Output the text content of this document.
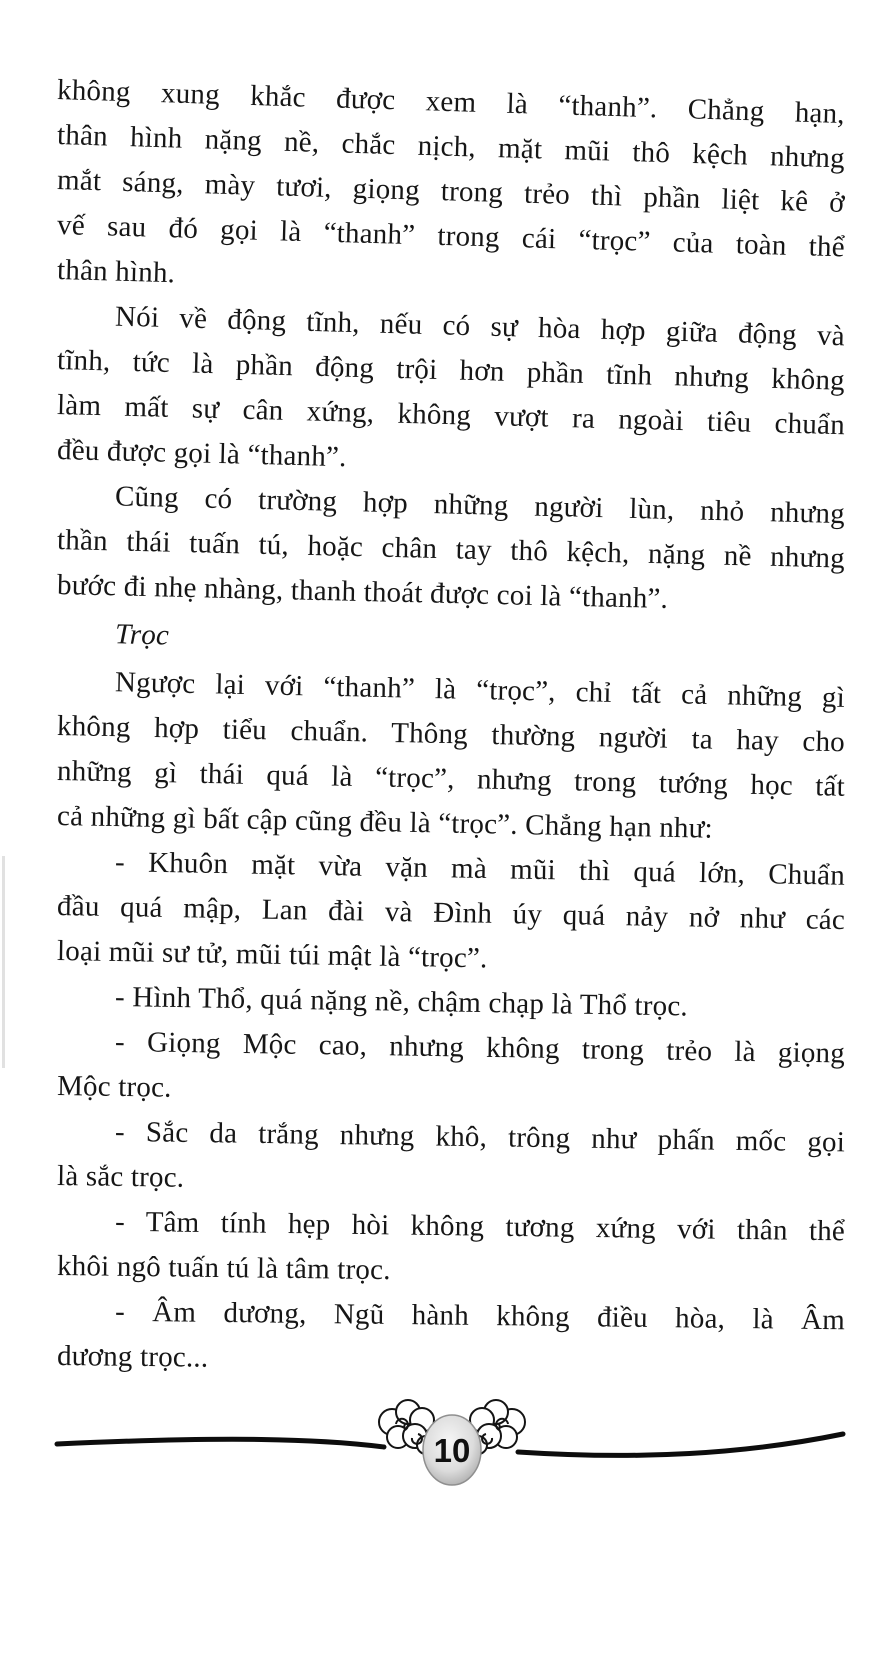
không xung khắc được xem là “thanh”. Chẳng hạn,
thân hình nặng nề, chắc nịch, mặt mũi thô kệch nhưng
mắt sáng, mày tươi, giọng trong trẻo thì phần liệt kê ở
vế sau đó gọi là “thanh” trong cái “trọc” của toàn thể
thân hình.
Nói về động tĩnh, nếu có sự hòa hợp giữa động và
tĩnh, tức là phần động trội hơn phần tĩnh nhưng không
làm mất sự cân xứng, không vượt ra ngoài tiêu chuẩn
đều được gọi là “thanh”.
Cũng có trường hợp những người lùn, nhỏ nhưng
thần thái tuấn tú, hoặc chân tay thô kệch, nặng nề nhưng
bước đi nhẹ nhàng, thanh thoát được coi là “thanh”.
Trọc
Ngược lại với “thanh” là “trọc”, chỉ tất cả những gì
không hợp tiểu chuẩn. Thông thường người ta hay cho
những gì thái quá là “trọc”, nhưng trong tướng học tất
cả những gì bất cập cũng đều là “trọc”. Chẳng hạn như:
- Khuôn mặt vừa vặn mà mũi thì quá lớn, Chuẩn
đầu quá mập, Lan đài và Đình úy quá nảy nở như các
loại mũi sư tử, mũi túi mật là “trọc”.
- Hình Thổ, quá nặng nề, chậm chạp là Thổ trọc.
- Giọng Mộc cao, nhưng không trong trẻo là giọng
Mộc trọc.
- Sắc da trắng nhưng khô, trông như phấn mốc gọi
là sắc trọc.
- Tâm tính hẹp hòi không tương xứng với thân thể
khôi ngô tuấn tú là tâm trọc.
- Âm dương, Ngũ hành không điều hòa, là Âm
dương trọc...
10
